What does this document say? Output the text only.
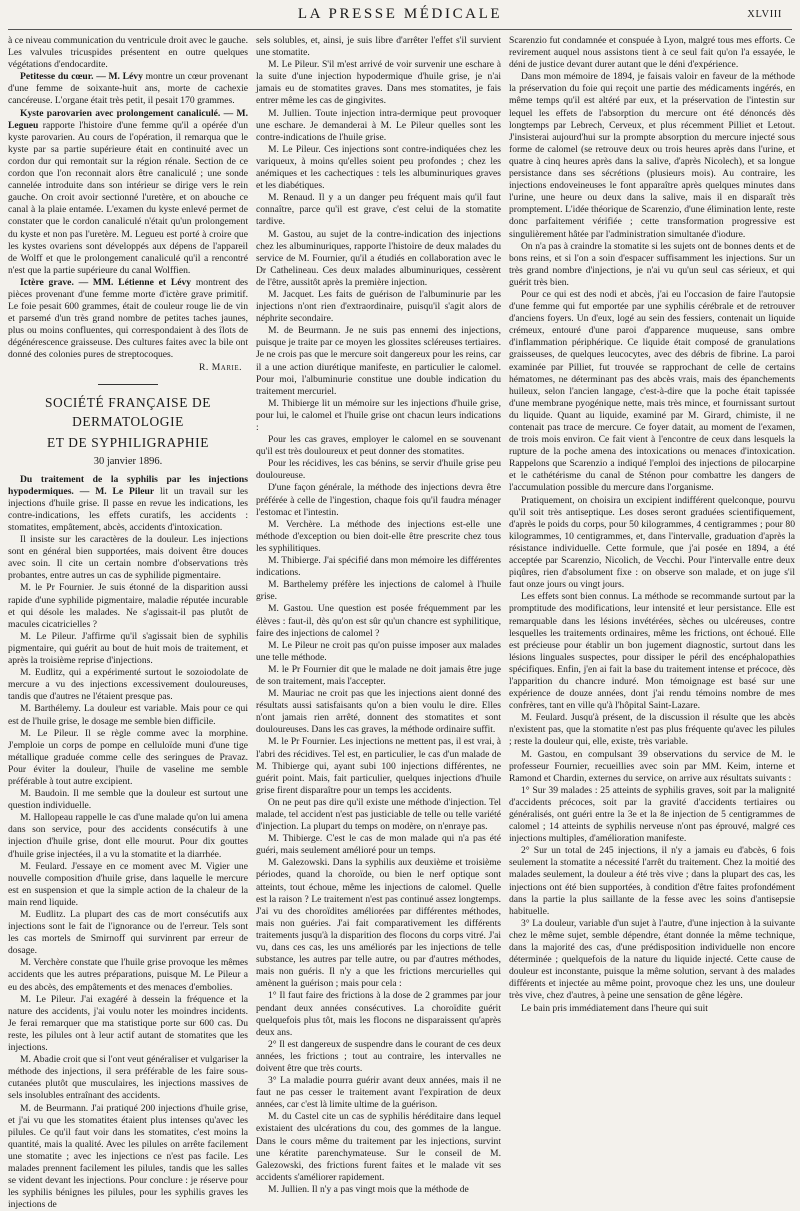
LA PRESSE MÉDICALE	XLVIII

à ce niveau communication du ventricule droit avec le gauche. Les valvules tricuspides présentent en outre quelques végétations d'endocardite.

Petitesse du cœur. — M. Lévy montre un cœur provenant d'une femme de soixante-huit ans, morte de cachexie cancéreuse. L'organe était très petit, il pesait 170 grammes.

Kyste parovarien avec prolongement canaliculé. — M. Legueu rapporte l'histoire d'une femme qu'il a opérée d'un kyste parovarien. Au cours de l'opération, il remarqua que le kyste par sa partie supérieure était en continuité avec un cordon dur qui remontait sur la région rénale. Section de ce cordon que l'on reconnait alors être canaliculé ; une sonde cannelée introduite dans son intérieur se dirige vers le rein gauche. On croit avoir sectionné l'uretère, et on abouche ce canal à la plaie entamée. L'examen du kyste enlevé permet de constater que le cordon canaliculé n'était qu'un prolongement du kyste et non pas l'uretère. M. Legueu est porté à croire que les kystes ovariens sont développés aux dépens de l'appareil de Wolff et que le prolongement canaliculé qu'il a rencontré n'est que la partie supérieure du canal Wolffien.

Ictère grave. — MM. Létienne et Lévy montrent des pièces provenant d'une femme morte d'ictère grave primitif. Le foie pesait 600 grammes, était de couleur rouge lie de vin et parsemé d'un très grand nombre de petites taches jaunes, plus ou moins confluentes, qui correspondaient à des îlots de dégénérescence graisseuse. Des cultures faites avec la bile ont donné des colonies pures de streptocoques.

R. Marie.
SOCIÉTÉ FRANÇAISE DE DERMATOLOGIE
ET DE SYPHILIGRAPHIE
30 janvier 1896.

Du traitement de la syphilis par les injections hypodermiques. — M. Le Pileur lit un travail sur les injections d'huile grise. Il passe en revue les indications, les contre-indications, les effets curatifs, les accidents : stomatites, empâtement, abcès, accidents d'intoxication.

Il insiste sur les caractères de la douleur. Les injections sont en général bien supportées, mais doivent être douces avec soin. Il cite un certain nombre d'observations très probantes, entre autres un cas de syphilide pigmentaire.

M. le Pr Fournier. Je suis étonné de la disparition aussi rapide d'une syphilide pigmentaire, maladie réputée incurable et qui désole les malades. Ne s'agissait-il pas plutôt de macules cicatricielles ?

M. Le Pileur. J'affirme qu'il s'agissait bien de syphilis pigmentaire, qui guérit au bout de huit mois de traitement, et après la troisième reprise d'injections.

M. Eudlitz, qui a expérimenté surtout le sozoiodolate de mercure a vu des injections excessivement douloureuses, tandis que d'autres ne l'étaient presque pas.

M. Barthélemy. La douleur est variable. Mais pour ce qui est de l'huile grise, le dosage me semble bien difficile.

M. Le Pileur. Il se règle comme avec la morphine. J'emploie un corps de pompe en celluloïde muni d'une tige métallique graduée comme celle des seringues de Pravaz. Pour éviter la douleur, l'huile de vaseline me semble préférable à tout autre excipient.

M. Baudoin. Il me semble que la douleur est surtout une question individuelle.

M. Hallopeau rappelle le cas d'une malade qu'on lui amena dans son service, pour des accidents consécutifs à une injection d'huile grise, dont elle mourut. Pour dix gouttes d'huile grise injectées, il a vu la stomatite et la diarrhée.

M. Feulard. J'essaye en ce moment avec M. Vigier une nouvelle composition d'huile grise, dans laquelle le mercure est en suspension et que la simple action de la chaleur de la main rend liquide.

M. Eudlitz. La plupart des cas de mort consécutifs aux injections sont le fait de l'ignorance ou de l'erreur. Tels sont les cas mortels de Smirnoff qui survinrent par erreur de dosage.

M. Verchère constate que l'huile grise provoque les mêmes accidents que les autres préparations, puisque M. Le Pileur a eu des abcès, des empâtements et des menaces d'embolies.

M. Le Pileur. J'ai exagéré à dessein la fréquence et la nature des accidents, j'ai voulu noter les moindres incidents. Je ferai remarquer que ma statistique porte sur 600 cas. Du reste, les pilules ont à leur actif autant de stomatites que les injections.

M. Abadie croit que si l'ont veut généraliser et vulgariser la méthode des injections, il sera préférable de les faire sous-cutanées plutôt que musculaires, les injections massives de sels insolubles entraînant des accidents.

M. de Beurmann. J'ai pratiqué 200 injections d'huile grise, et j'ai vu que les stomatites étaient plus intenses qu'avec les pilules. Ce qu'il faut voir dans les stomatites, c'est moins la quantité, mais la qualité. Avec les pilules on arrête facilement une stomatite ; avec les injections ce n'est pas facile. Les malades prennent facilement les pilules, tandis que les salles se vident devant les injections. Pour conclure : je réserve pour les syphilis bénignes les pilules, pour les syphilis graves les injections de

sels solubles, et, ainsi, je suis libre d'arrêter l'effet s'il survient une stomatite.

M. Le Pileur. S'il m'est arrivé de voir survenir une eschare à la suite d'une injection hypodermique d'huile grise, je n'ai jamais eu de stomatites graves. Dans mes stomatites, je fais entrer même les cas de gingivites.

M. Jullien. Toute injection intra-dermique peut provoquer une eschare. Je demanderai à M. Le Pileur quelles sont les contre-indications de l'huile grise.

M. Le Pileur. Ces injections sont contre-indiquées chez les variqueux, à moins qu'elles soient peu profondes ; chez les anémiques et les cachectiques : tels les albuminuriques graves et les diabétiques.

M. Renaud. Il y a un danger peu fréquent mais qu'il faut connaître, parce qu'il est grave, c'est celui de la stomatite tardive.

M. Gastou, au sujet de la contre-indication des injections chez les albuminuriques, rapporte l'histoire de deux malades du service de M. Fournier, qu'il a étudiés en collaboration avec le Dr Cathelineau. Ces deux malades albuminuriques, cessèrent de l'être, aussitôt après la première injection.

M. Jacquet. Les faits de guérison de l'albuminurie par les injections n'ont rien d'extraordinaire, puisqu'il s'agit alors de néphrite secondaire.

M. de Beurmann. Je ne suis pas ennemi des injections, puisque je traite par ce moyen les glossites scléreuses tertiaires. Je ne crois pas que le mercure soit dangereux pour les reins, car il a une action diurétique manifeste, en particulier le calomel. Pour moi, l'albuminurie constitue une double indication du traitement mercuriel.

M. Thibierge lit un mémoire sur les injections d'huile grise, pour lui, le calomel et l'huile grise ont chacun leurs indications :

Pour les cas graves, employer le calomel en se souvenant qu'il est très douloureux et peut donner des stomatites.

Pour les récidives, les cas bénins, se servir d'huile grise peu douloureuse.

D'une façon générale, la méthode des injections devra être préférée à celle de l'ingestion, chaque fois qu'il faudra ménager l'estomac et l'intestin.

M. Verchère. La méthode des injections est-elle une méthode d'exception ou bien doit-elle être prescrite chez tous les syphilitiques.

M. Thibierge. J'ai spécifié dans mon mémoire les différentes indications.

M. Barthelemy préfère les injections de calomel à l'huile grise.

M. Gastou. Une question est posée fréquemment par les élèves : faut-il, dès qu'on est sûr qu'un chancre est syphilitique, faire des injections de calomel ?

M. Le Pileur ne croit pas qu'on puisse imposer aux malades une telle méthode.

M. le Pr Fournier dit que le malade ne doit jamais être juge de son traitement, mais l'accepter.

M. Mauriac ne croit pas que les injections aient donné des résultats aussi satisfaisants qu'on a bien voulu le dire. Elles n'ont jamais rien arrêté, donnent des stomatites et sont douloureuses. Dans les cas graves, la méthode ordinaire suffit.

M. le Pr Fournier. Les injections ne mettent pas, il est vrai, à l'abri des récidives. Tel est, en particulier, le cas d'un malade de M. Thibierge qui, ayant subi 100 injections différentes, ne guérit point. Mais, fait particulier, quelques injections d'huile grise firent disparaître pour un temps les accidents.

On ne peut pas dire qu'il existe une méthode d'injection. Tel malade, tel accident n'est pas justiciable de telle ou telle variété d'injection. La plupart du temps on modère, on n'enraye pas.

M. Thibierge. C'est le cas de mon malade qui n'a pas été guéri, mais seulement amélioré pour un temps.

M. Galezowski. Dans la syphilis aux deuxième et troisième périodes, quand la choroïde, ou bien le nerf optique sont atteints, tout échoue, même les injections de calomel. Quelle est la raison ? Le traitement n'est pas continué assez longtemps. J'ai vu des choroïdites améliorées par différentes méthodes, mais non guéries. J'ai fait comparativement les différents traitements jusqu'à la disparition des flocons du corps vitré. J'ai vu, dans ces cas, les uns améliorés par les injections de telle substance, les autres par telle autre, ou par d'autres méthodes, mais non guéris. Il n'y a que les frictions mercurielles qui amènent la guérison ; mais pour cela :

1° Il faut faire des frictions à la dose de 2 grammes par jour pendant deux années consécutives. La choroïdite guérit quelquefois plus tôt, mais les flocons ne disparaissent qu'après deux ans.

2° Il est dangereux de suspendre dans le courant de ces deux années, les frictions ; tout au contraire, les intervalles ne doivent être que très courts.

3° La maladie pourra guérir avant deux années, mais il ne faut ne pas cesser le traitement avant l'expiration de deux années, car c'est là limite ultime de la guérison.

M. du Castel cite un cas de syphilis héréditaire dans lequel existaient des ulcérations du cou, des gommes de la langue. Dans le cours même du traitement par les injections, survint une kératite parenchymateuse. Sur le conseil de M. Galezowski, des frictions furent faites et le malade vit ses accidents s'améliorer rapidement.

M. Jullien. Il n'y a pas vingt mois que la méthode de

Scarenzio fut condamnée et conspuée à Lyon, malgré tous mes efforts. Ce revirement auquel nous assistons tient à ce seul fait qu'on l'a essayée, le déni de justice devant durer autant que le déni d'expérience.

Dans mon mémoire de 1894, je faisais valoir en faveur de la méthode la préservation du foie qui reçoit une partie des médicaments ingérés, en même temps qu'il est altéré par eux, et la préservation de l'intestin sur lequel les effets de l'absorption du mercure ont été dénoncés dès longtemps par Lebrech, Cerveux, et plus récemment Pilliet et Letout. J'insisterai aujourd'hui sur la prompte absorption du mercure injecté sous forme de calomel (se retrouve deux ou trois heures après dans l'urine, et quatre à cinq heures après dans la salive, d'après Nicolech), et sa longue persistance dans ses sécrétions (plusieurs mois). Au contraire, les injections endoveineuses le font apparaître après quelques minutes dans l'urine, une heure ou deux dans la salive, mais il en disparaît très promptement. L'idée théorique de Scarenzio, d'une élimination lente, reste donc parfaitement vérifiée ; cette transformation progressive est singulièrement hâtée par l'administration simultanée d'iodure.

On n'a pas à craindre la stomatite si les sujets ont de bonnes dents et de bons reins, et si l'on a soin d'espacer suffisamment les injections. Sur un très grand nombre d'injections, je n'ai vu qu'un seul cas sérieux, et qui guérit très bien.

Pour ce qui est des nodi et abcès, j'ai eu l'occasion de faire l'autopsie d'une femme qui fut emportée par une syphilis cérébrale et de retrouver d'anciens foyers. Un d'eux, logé au sein des fessiers, contenait un liquide crémeux, entouré d'une paroi d'apparence muqueuse, sans ombre d'inflammation périphérique. Ce liquide était composé de granulations graisseuses, de quelques leucocytes, avec des débris de fibrine. La paroi examinée par Pilliet, fut trouvée se rapprochant de celle de certains hématomes, ne déterminant pas des abcès vrais, mais des épanchements huileux, selon l'ancien langage, c'est-à-dire que la poche était tapissée d'une membrane pyogénique nette, mais très mince, et fournissant surtout du liquide. Quant au liquide, examiné par M. Girard, chimiste, il ne contenait pas trace de mercure. Ce foyer datait, au moment de l'examen, de trois mois environ. Ce fait vient à l'encontre de ceux dans lesquels la rupture de la poche amena des intoxications ou menaces d'intoxication. Rappelons que Scarenzio a indiqué l'emploi des injections de pilocarpine et le cathétérisme du canal de Sténon pour combattre les dangers de l'accumulation possible du mercure dans l'organisme.

Pratiquement, on choisira un excipient indifférent quelconque, pourvu qu'il soit très antiseptique. Les doses seront graduées scientifiquement, d'après le poids du corps, pour 50 kilogrammes, 4 centigrammes ; pour 80 kilogrammes, 10 centigrammes, et, dans l'intervalle, graduation d'après la résistance individuelle. Cette formule, que j'ai posée en 1894, a été acceptée par Scarenzio, Nicolich, de Vecchi. Pour l'intervalle entre deux piqûres, rien d'absolument fixe : on observe son malade, et on juge s'il faut onze jours ou vingt jours.

Les effets sont bien connus. La méthode se recommande surtout par la promptitude des modifications, leur intensité et leur persistance. Elle est remarquable dans les lésions invétérées, sèches ou ulcéreuses, contre lesquelles les traitements ordinaires, même les frictions, ont échoué. Elle est précieuse pour établir un bon jugement diagnostic, surtout dans les lésions linguales suspectes, pour dissiper le péril des encéphalopathies spécifiques. Enfin, j'en ai fait la base du traitement intense et précoce, dès l'apparition du chancre induré. Mon témoignage est basé sur une expérience de douze années, dont j'ai rendu témoins nombre de mes confrères, tant en ville qu'à l'hôpital Saint-Lazare.

M. Feulard. Jusqu'à présent, de la discussion il résulte que les abcès n'existent pas, que la stomatite n'est pas plus fréquente qu'avec les pilules ; reste la douleur qui, elle, existe, très variable.

M. Gastou, en compulsant 39 observations du service de M. le professeur Fournier, recueillies avec soin par MM. Keim, interne et Ramond et Chardin, externes du service, on arrive aux résultats suivants :

1° Sur 39 malades : 25 atteints de syphilis graves, soit par la malignité d'accidents précoces, soit par la gravité d'accidents tertiaires ou généralisés, ont guéri entre la 3e et la 8e injection de 5 centigrammes de calomel ; 14 atteints de syphilis nerveuse n'ont pas éprouvé, malgré ces injections multiples, d'amélioration manifeste.

2° Sur un total de 245 injections, il n'y a jamais eu d'abcès, 6 fois seulement la stomatite a nécessité l'arrêt du traitement. Chez la moitié des malades seulement, la douleur a été très vive ; dans la plupart des cas, les injections ont été bien supportées, à condition d'être faites profondément dans la partie la plus saillante de la fesse avec les soins d'antisepsie habituelle.

3° La douleur, variable d'un sujet à l'autre, d'une injection à la suivante chez le même sujet, semble dépendre, étant donnée la même technique, dans la majorité des cas, d'une prédisposition individuelle non encore déterminée ; quelquefois de la nature du liquide injecté. Cette cause de douleur est inconstante, puisque la même solution, servant à des malades différents et injectée au même point, provoque chez les uns, une douleur très vive, chez d'autres, à peine une sensation de gêne légère.

Le bain pris immédiatement dans l'heure qui suit
